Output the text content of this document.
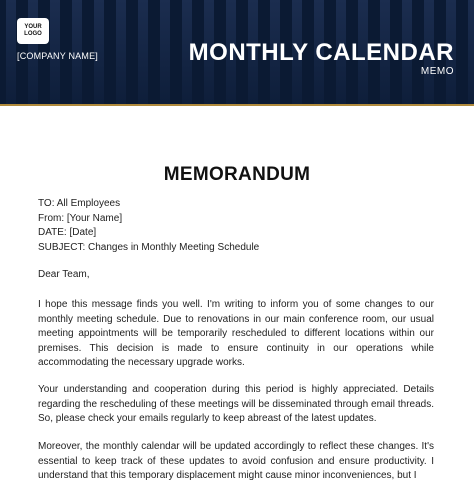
YOUR
LOGO
[COMPANY NAME]	MONTHLY CALENDAR
MEMO
MEMORANDUM
TO: All Employees
From: [Your Name]
DATE: [Date]
SUBJECT: Changes in Monthly Meeting Schedule
Dear Team,
I hope this message finds you well. I'm writing to inform you of some changes to our monthly meeting schedule. Due to renovations in our main conference room, our usual meeting appointments will be temporarily rescheduled to different locations within our premises. This decision is made to ensure continuity in our operations while accommodating the necessary upgrade works.
Your understanding and cooperation during this period is highly appreciated. Details regarding the rescheduling of these meetings will be disseminated through email threads. So, please check your emails regularly to keep abreast of the latest updates.
Moreover, the monthly calendar will be updated accordingly to reflect these changes. It's essential to keep track of these updates to avoid confusion and ensure productivity. I understand that this temporary displacement might cause minor inconveniences, but I
